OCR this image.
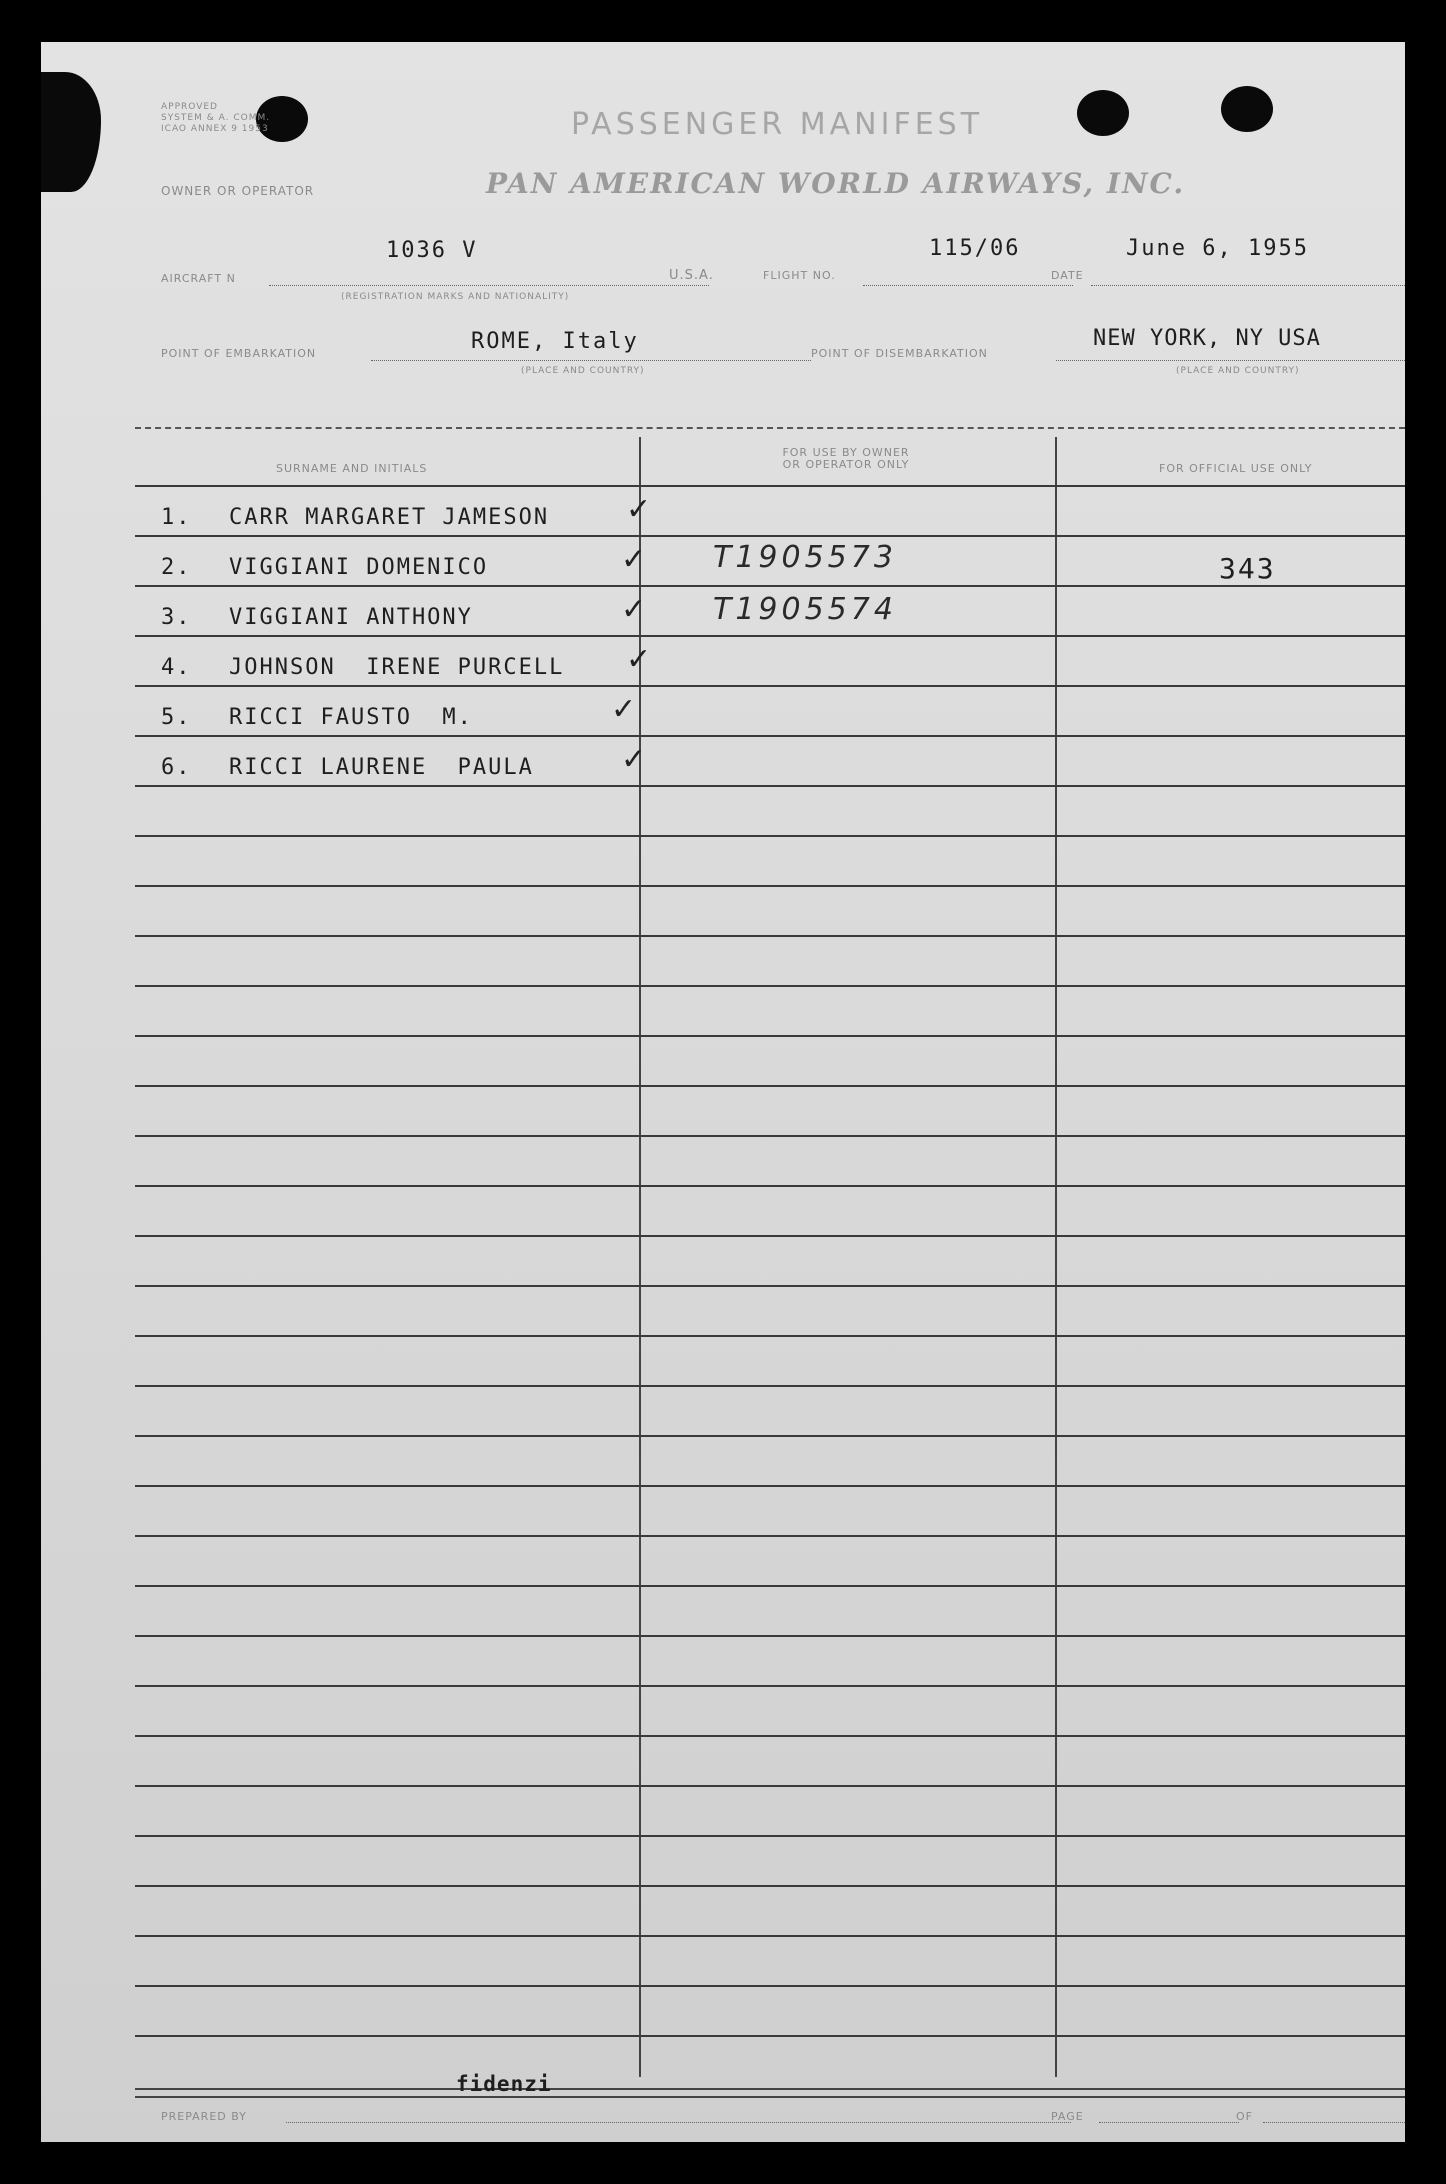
APPROVED
SYSTEM & A. COMM.
ICAO ANNEX 9 1953	PASSENGER MANIFEST
OWNER OR OPERATOR	PAN AMERICAN WORLD AIRWAYS, INC.
AIRCRAFT N
1036 V
(REGISTRATION MARKS AND NATIONALITY)
U.S.A.	FLIGHT NO.
115/06
DATE
June 6, 1955
POINT OF EMBARKATION	ROME, Italy
(PLACE AND COUNTRY)
POINT OF DISEMBARKATION
NEW YORK, NY USA
(PLACE AND COUNTRY)
SURNAME AND INITIALS
FOR USE BY OWNER
OR OPERATOR ONLY	FOR OFFICIAL USE ONLY
1. CARR MARGARET JAMESON	✓
2. VIGGIANI DOMENICO	✓ T1905573	343
3. VIGGIANI ANTHONY	✓ T1905574
4. JOHNSON  IRENE PURCELL ✓
5. RICCI FAUSTO  M.	✓
6. RICCI LAURENE  PAULA	✓
fidenzi
PREPARED BY	PAGE	OF
